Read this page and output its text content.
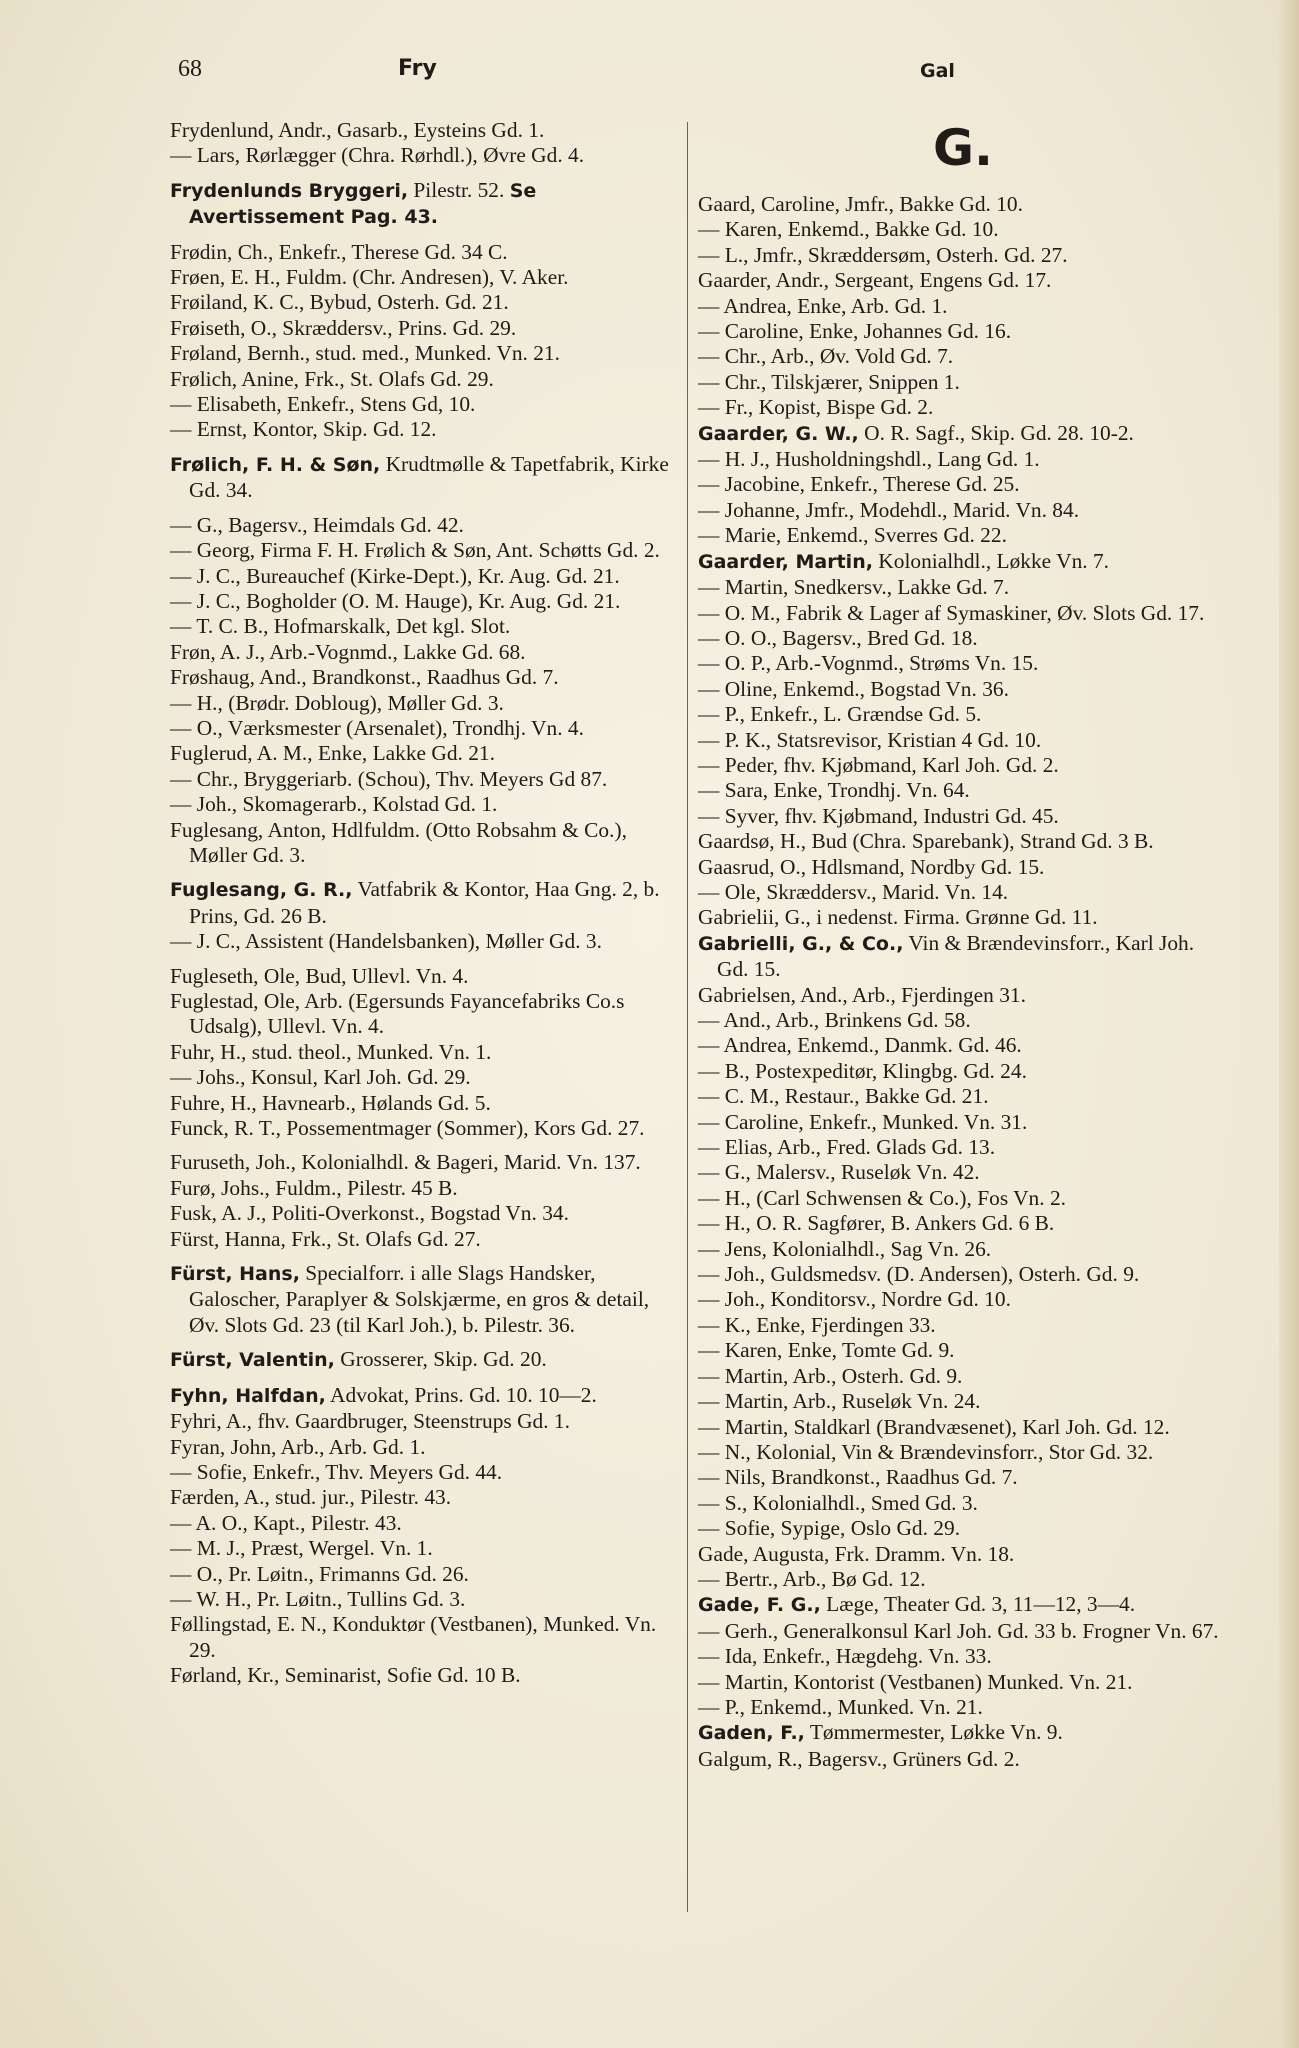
68	Fry	Gal

Frydenlund, Andr., Gasarb., Eysteins Gd. 1.

— Lars, Rørlægger (Chra. Rørhdl.), Øvre Gd. 4.

Frydenlunds Bryggeri, Pilestr. 52. Se Avertissement Pag. 43.

Frødin, Ch., Enkefr., Therese Gd. 34 C.

Frøen, E. H., Fuldm. (Chr. Andresen), V. Aker.

Frøiland, K. C., Bybud, Osterh. Gd. 21.

Frøiseth, O., Skræddersv., Prins. Gd. 29.

Frøland, Bernh., stud. med., Munked. Vn. 21.

Frølich, Anine, Frk., St. Olafs Gd. 29.

— Elisabeth, Enkefr., Stens Gd, 10.

— Ernst, Kontor, Skip. Gd. 12.

Frølich, F. H. & Søn, Krudtmølle & Tapetfabrik, Kirke Gd. 34.

— G., Bagersv., Heimdals Gd. 42.

— Georg, Firma F. H. Frølich & Søn, Ant. Schøtts Gd. 2.

— J. C., Bureauchef (Kirke-Dept.), Kr. Aug. Gd. 21.

— J. C., Bogholder (O. M. Hauge), Kr. Aug. Gd. 21.

— T. C. B., Hofmarskalk, Det kgl. Slot.

Frøn, A. J., Arb.-Vognmd., Lakke Gd. 68.

Frøshaug, And., Brandkonst., Raadhus Gd. 7.

— H., (Brødr. Dobloug), Møller Gd. 3.

— O., Værksmester (Arsenalet), Trondhj. Vn. 4.

Fuglerud, A. M., Enke, Lakke Gd. 21.

— Chr., Bryggeriarb. (Schou), Thv. Meyers Gd 87.

— Joh., Skomagerarb., Kolstad Gd. 1.

Fuglesang, Anton, Hdlfuldm. (Otto Robsahm & Co.), Møller Gd. 3.

Fuglesang, G. R., Vatfabrik & Kontor, Haa Gng. 2, b. Prins, Gd. 26 B.

— J. C., Assistent (Handelsbanken), Møller Gd. 3.

Fugleseth, Ole, Bud, Ullevl. Vn. 4.

Fuglestad, Ole, Arb. (Egersunds Fayancefabriks Co.s Udsalg), Ullevl. Vn. 4.

Fuhr, H., stud. theol., Munked. Vn. 1.

— Johs., Konsul, Karl Joh. Gd. 29.

Fuhre, H., Havnearb., Hølands Gd. 5.

Funck, R. T., Possementmager (Sommer), Kors Gd. 27.

Furuseth, Joh., Kolonialhdl. & Bageri, Marid. Vn. 137.

Furø, Johs., Fuldm., Pilestr. 45 B.

Fusk, A. J., Politi-Overkonst., Bogstad Vn. 34.

Fürst, Hanna, Frk., St. Olafs Gd. 27.

Fürst, Hans, Specialforr. i alle Slags Handsker, Galoscher, Paraplyer & Solskjærme, en gros & detail, Øv. Slots Gd. 23 (til Karl Joh.), b. Pilestr. 36.

Fürst, Valentin, Grosserer, Skip. Gd. 20.

Fyhn, Halfdan, Advokat, Prins. Gd. 10. 10—2.

Fyhri, A., fhv. Gaardbruger, Steenstrups Gd. 1.

Fyran, John, Arb., Arb. Gd. 1.

— Sofie, Enkefr., Thv. Meyers Gd. 44.

Færden, A., stud. jur., Pilestr. 43.

— A. O., Kapt., Pilestr. 43.

— M. J., Præst, Wergel. Vn. 1.

— O., Pr. Løitn., Frimanns Gd. 26.

— W. H., Pr. Løitn., Tullins Gd. 3.

Føllingstad, E. N., Konduktør (Vestbanen), Munked. Vn. 29.

Førland, Kr., Seminarist, Sofie Gd. 10 B.

G.

Gaard, Caroline, Jmfr., Bakke Gd. 10.

— Karen, Enkemd., Bakke Gd. 10.

— L., Jmfr., Skræddersøm, Osterh. Gd. 27.

Gaarder, Andr., Sergeant, Engens Gd. 17.

— Andrea, Enke, Arb. Gd. 1.

— Caroline, Enke, Johannes Gd. 16.

— Chr., Arb., Øv. Vold Gd. 7.

— Chr., Tilskjærer, Snippen 1.

— Fr., Kopist, Bispe Gd. 2.

Gaarder, G. W., O. R. Sagf., Skip. Gd. 28. 10-2.

— H. J., Husholdningshdl., Lang Gd. 1.

— Jacobine, Enkefr., Therese Gd. 25.

— Johanne, Jmfr., Modehdl., Marid. Vn. 84.

— Marie, Enkemd., Sverres Gd. 22.

Gaarder, Martin, Kolonialhdl., Løkke Vn. 7.

— Martin, Snedkersv., Lakke Gd. 7.

— O. M., Fabrik & Lager af Symaskiner, Øv. Slots Gd. 17.

— O. O., Bagersv., Bred Gd. 18.

— O. P., Arb.-Vognmd., Strøms Vn. 15.

— Oline, Enkemd., Bogstad Vn. 36.

— P., Enkefr., L. Grændse Gd. 5.

— P. K., Statsrevisor, Kristian 4 Gd. 10.

— Peder, fhv. Kjøbmand, Karl Joh. Gd. 2.

— Sara, Enke, Trondhj. Vn. 64.

— Syver, fhv. Kjøbmand, Industri Gd. 45.

Gaardsø, H., Bud (Chra. Sparebank), Strand Gd. 3 B.

Gaasrud, O., Hdlsmand, Nordby Gd. 15.

— Ole, Skræddersv., Marid. Vn. 14.

Gabrielii, G., i nedenst. Firma. Grønne Gd. 11.

Gabrielli, G., & Co., Vin & Brændevinsforr., Karl Joh. Gd. 15.

Gabrielsen, And., Arb., Fjerdingen 31.

— And., Arb., Brinkens Gd. 58.

— Andrea, Enkemd., Danmk. Gd. 46.

— B., Postexpeditør, Klingbg. Gd. 24.

— C. M., Restaur., Bakke Gd. 21.

— Caroline, Enkefr., Munked. Vn. 31.

— Elias, Arb., Fred. Glads Gd. 13.

— G., Malersv., Ruseløk Vn. 42.

— H., (Carl Schwensen & Co.), Fos Vn. 2.

— H., O. R. Sagfører, B. Ankers Gd. 6 B.

— Jens, Kolonialhdl., Sag Vn. 26.

— Joh., Guldsmedsv. (D. Andersen), Osterh. Gd. 9.

— Joh., Konditorsv., Nordre Gd. 10.

— K., Enke, Fjerdingen 33.

— Karen, Enke, Tomte Gd. 9.

— Martin, Arb., Osterh. Gd. 9.

— Martin, Arb., Ruseløk Vn. 24.

— Martin, Staldkarl (Brandvæsenet), Karl Joh. Gd. 12.

— N., Kolonial, Vin & Brændevinsforr., Stor Gd. 32.

— Nils, Brandkonst., Raadhus Gd. 7.

— S., Kolonialhdl., Smed Gd. 3.

— Sofie, Sypige, Oslo Gd. 29.

Gade, Augusta, Frk. Dramm. Vn. 18.

— Bertr., Arb., Bø Gd. 12.

Gade, F. G., Læge, Theater Gd. 3, 11—12, 3—4.

— Gerh., Generalkonsul Karl Joh. Gd. 33 b. Frogner Vn. 67.

— Ida, Enkefr., Hægdehg. Vn. 33.

— Martin, Kontorist (Vestbanen) Munked. Vn. 21.

— P., Enkemd., Munked. Vn. 21.

Gaden, F., Tømmermester, Løkke Vn. 9.

Galgum, R., Bagersv., Grüners Gd. 2.
